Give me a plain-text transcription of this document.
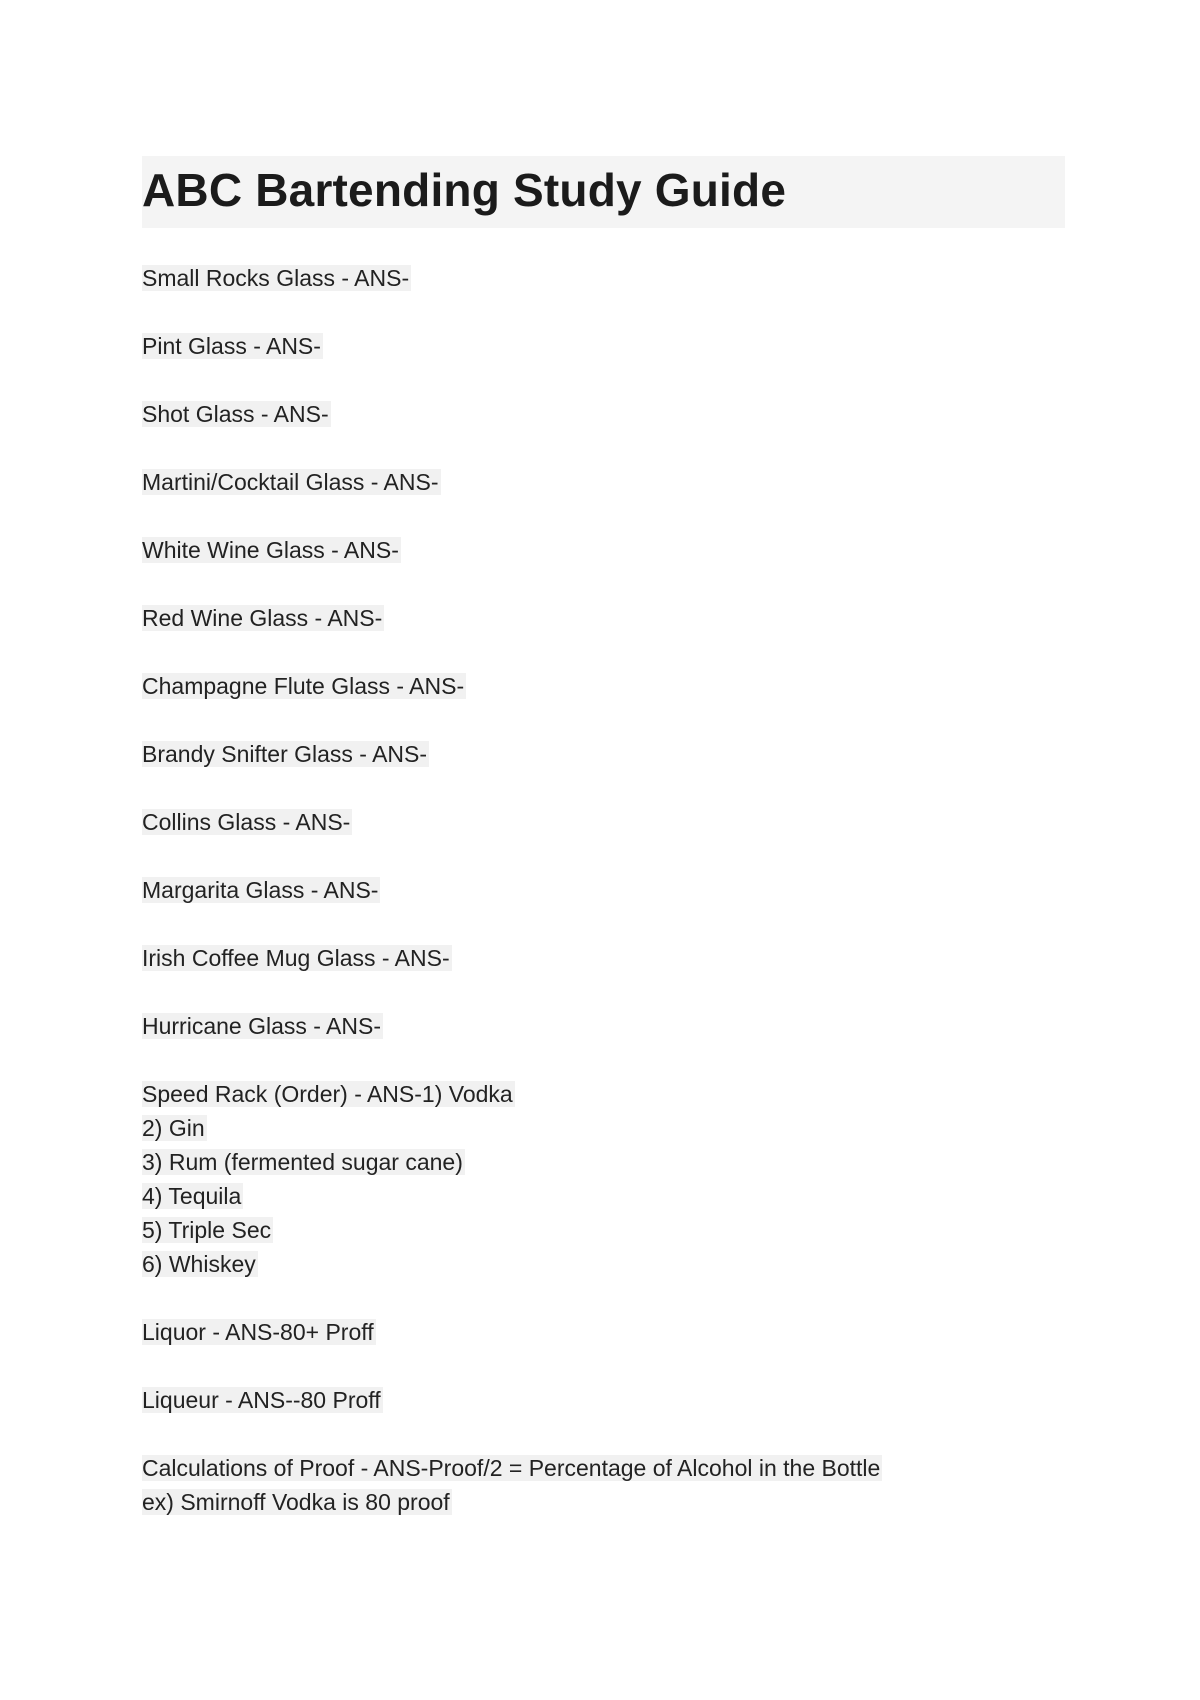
ABC Bartending Study Guide
Small Rocks Glass - ANS-
Pint Glass - ANS-
Shot Glass - ANS-
Martini/Cocktail Glass - ANS-
White Wine Glass - ANS-
Red Wine Glass - ANS-
Champagne Flute Glass - ANS-
Brandy Snifter Glass - ANS-
Collins Glass - ANS-
Margarita Glass - ANS-
Irish Coffee Mug Glass - ANS-
Hurricane Glass - ANS-
Speed Rack (Order) - ANS-1) Vodka
2) Gin
3) Rum (fermented sugar cane)
4) Tequila
5) Triple Sec
6) Whiskey
Liquor - ANS-80+ Proff
Liqueur - ANS--80 Proff
Calculations of Proof - ANS-Proof/2 = Percentage of Alcohol in the Bottle
ex) Smirnoff Vodka is 80 proof
